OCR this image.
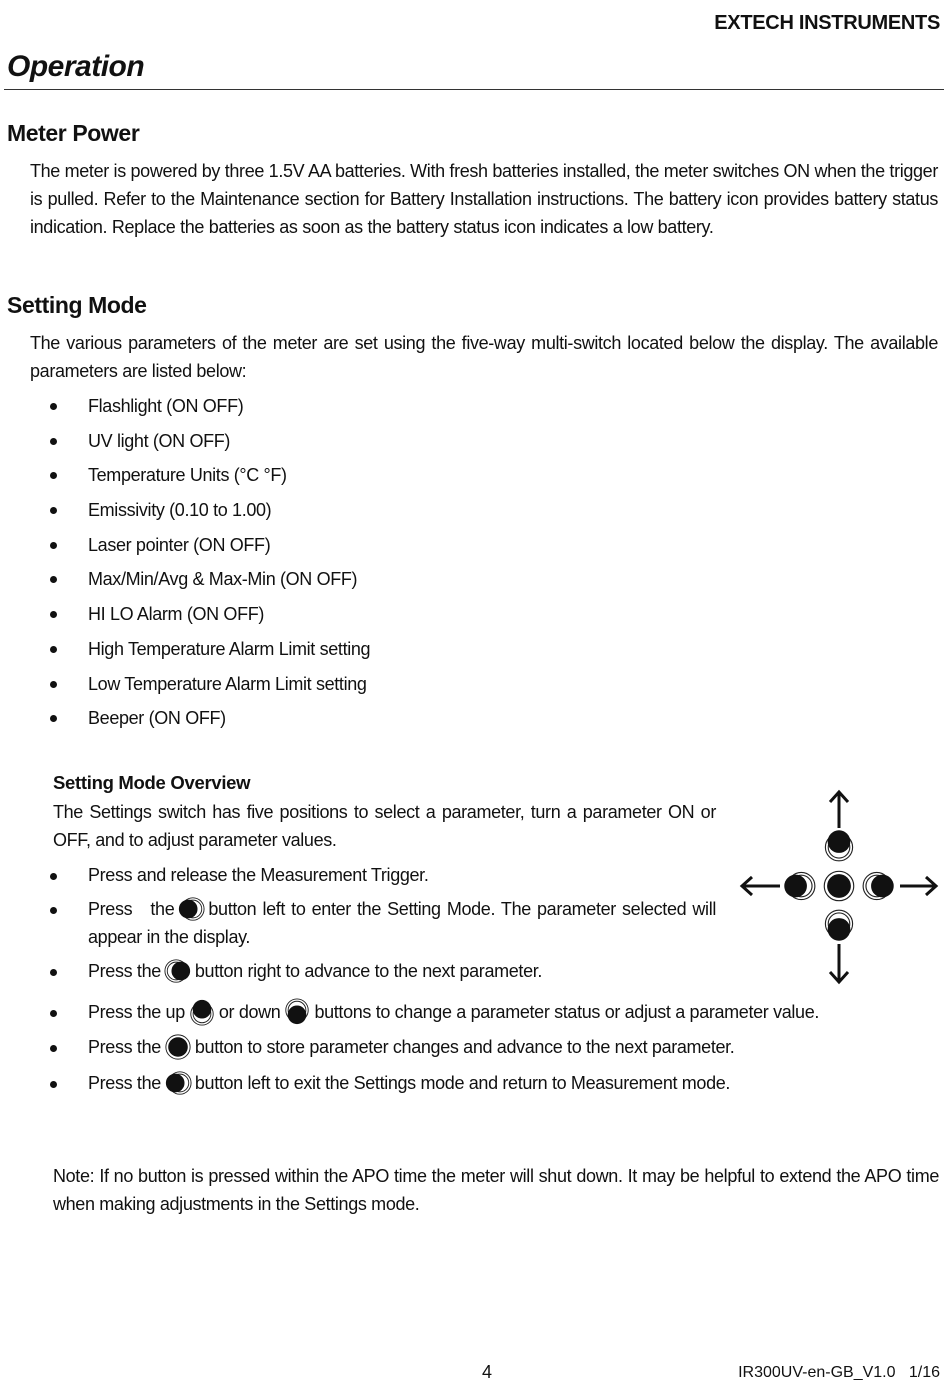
EXTECH INSTRUMENTS
Operation
Meter Power

The meter is powered by three 1.5V AA batteries. With fresh batteries installed, the meter switches ON when the trigger is pulled. Refer to the Maintenance section for Battery Installation instructions. The battery icon provides battery status indication. Replace the batteries as soon as the battery status icon indicates a low battery.

Setting Mode

The various parameters of the meter are set using the five-way multi-switch located below the display. The available parameters are listed below:

Flashlight (ON OFF)
UV light (ON OFF)
Temperature Units (°C °F)
Emissivity (0.10 to 1.00)
Laser pointer (ON OFF)
Max/Min/Avg & Max-Min (ON OFF)
HI LO Alarm (ON OFF)
High Temperature Alarm Limit setting
Low Temperature Alarm Limit setting
Beeper (ON OFF)
Setting Mode Overview

The Settings switch has five positions to select a parameter, turn a parameter ON or OFF, and to adjust parameter values.

Press and release the Measurement Trigger.
Press the button left to enter the Setting Mode. The parameter selected will appear in the display.
Press the button right to advance to the next parameter.
Press the up or down buttons to change a parameter status or adjust a parameter value.
Press the button to store parameter changes and advance to the next parameter.
Press the button left to exit the Settings mode and return to Measurement mode.

Note: If no button is pressed within the APO time the meter will shut down. It may be helpful to extend the APO time when making adjustments in the Settings mode.

4	IR300UV-en-GB_V1.0   1/16
